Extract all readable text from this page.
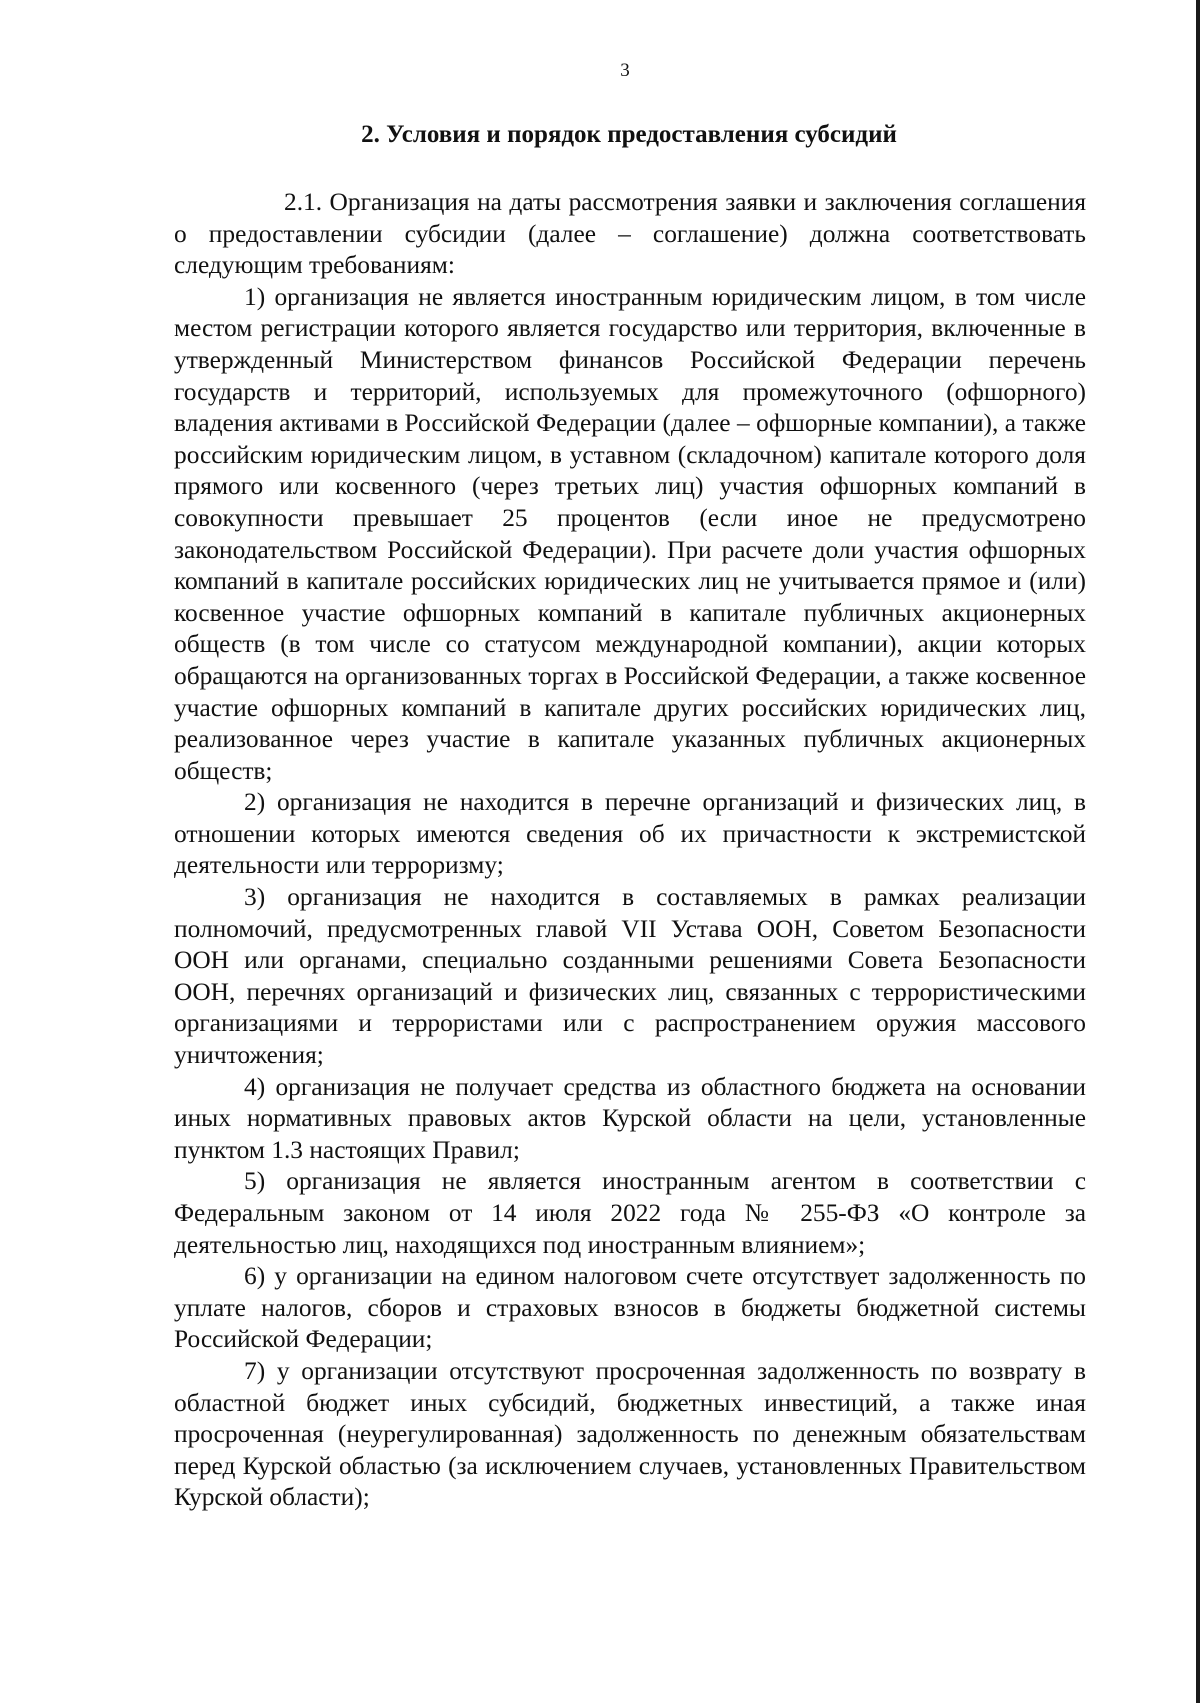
3
2. Условия и порядок предоставления субсидий

2.1. Организация на даты рассмотрения заявки и заключения соглашения о предоставлении субсидии (далее – соглашение) должна соответствовать следующим требованиям:

1) организация не является иностранным юридическим лицом, в том числе местом регистрации которого является государство или территория, включенные в утвержденный Министерством финансов Российской Федерации перечень государств и территорий, используемых для промежуточного (офшорного) владения активами в Российской Федерации (далее – офшорные компании), а также российским юридическим лицом, в уставном (складочном) капитале которого доля прямого или косвенного (через третьих лиц) участия офшорных компаний в совокупности превышает 25 процентов (если иное не предусмотрено законодательством Российской Федерации). При расчете доли участия офшорных компаний в капитале российских юридических лиц не учитывается прямое и (или) косвенное участие офшорных компаний в капитале публичных акционерных обществ (в том числе со статусом международной компании), акции которых обращаются на организованных торгах в Российской Федерации, а также косвенное участие офшорных компаний в капитале других российских юридических лиц, реализованное через участие в капитале указанных публичных акционерных обществ;

2) организация не находится в перечне организаций и физических лиц, в отношении которых имеются сведения об их причастности к экстремистской деятельности или терроризму;

3) организация не находится в составляемых в рамках реализации полномочий, предусмотренных главой VII Устава ООН, Советом Безопасности ООН или органами, специально созданными решениями Совета Безопасности ООН, перечнях организаций и физических лиц, связанных с террористическими организациями и террористами или с распространением оружия массового уничтожения;

4) организация не получает средства из областного бюджета на основании иных нормативных правовых актов Курской области на цели, установленные пунктом 1.3 настоящих Правил;

5) организация не является иностранным агентом в соответствии с Федеральным законом от 14 июля 2022 года № 255-ФЗ «О контроле за деятельностью лиц, находящихся под иностранным влиянием»;

6) у организации на едином налоговом счете отсутствует задолженность по уплате налогов, сборов и страховых взносов в бюджеты бюджетной системы Российской Федерации;

7) у организации отсутствуют просроченная задолженность по возврату в областной бюджет иных субсидий, бюджетных инвестиций, а также иная просроченная (неурегулированная) задолженность по денежным обязательствам перед Курской областью (за исключением случаев, установленных Правительством Курской области);
